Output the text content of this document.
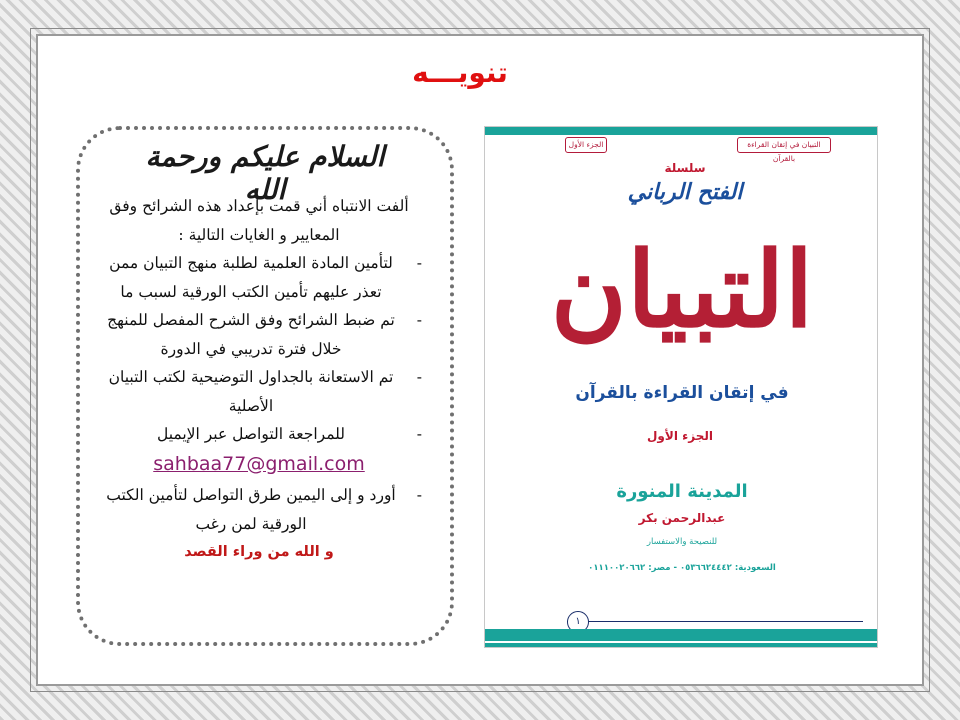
تنويـــه
السلام عليكم ورحمة الله
ألفت الانتباه أني قمت بإعداد هذه الشرائح وفق المعايير و الغايات التالية :
-
لتأمين المادة العلمية لطلبة منهج التبيان ممن تعذر عليهم تأمين الكتب الورقية لسبب ما
-
تم ضبط الشرائح وفق الشرح المفصل للمنهج خلال فترة تدريبي في الدورة
-
تم الاستعانة بالجداول التوضيحية لكتب التبيان الأصلية
-
للمراجعة التواصل عبر الإيميل
sahbaa77@gmail.com
-
أورد و إلى اليمين طرق التواصل لتأمين الكتب الورقية لمن رغب
و الله من وراء القصد
التبيان في إتقان القراءة بالقرآن
الجزء الأول
سلسلة
الفتح الرباني
التبيان
في إتقان القراءة بالقرآن
الجزء الأول
المدينة المنورة
عبدالرحمن بكر
للنصيحة والاستفسار
السعودية: ٠٥٣٦٦٢٤٤٤٢ - مصر: ٠١١١٠٠٢٠٦٦٢
١
